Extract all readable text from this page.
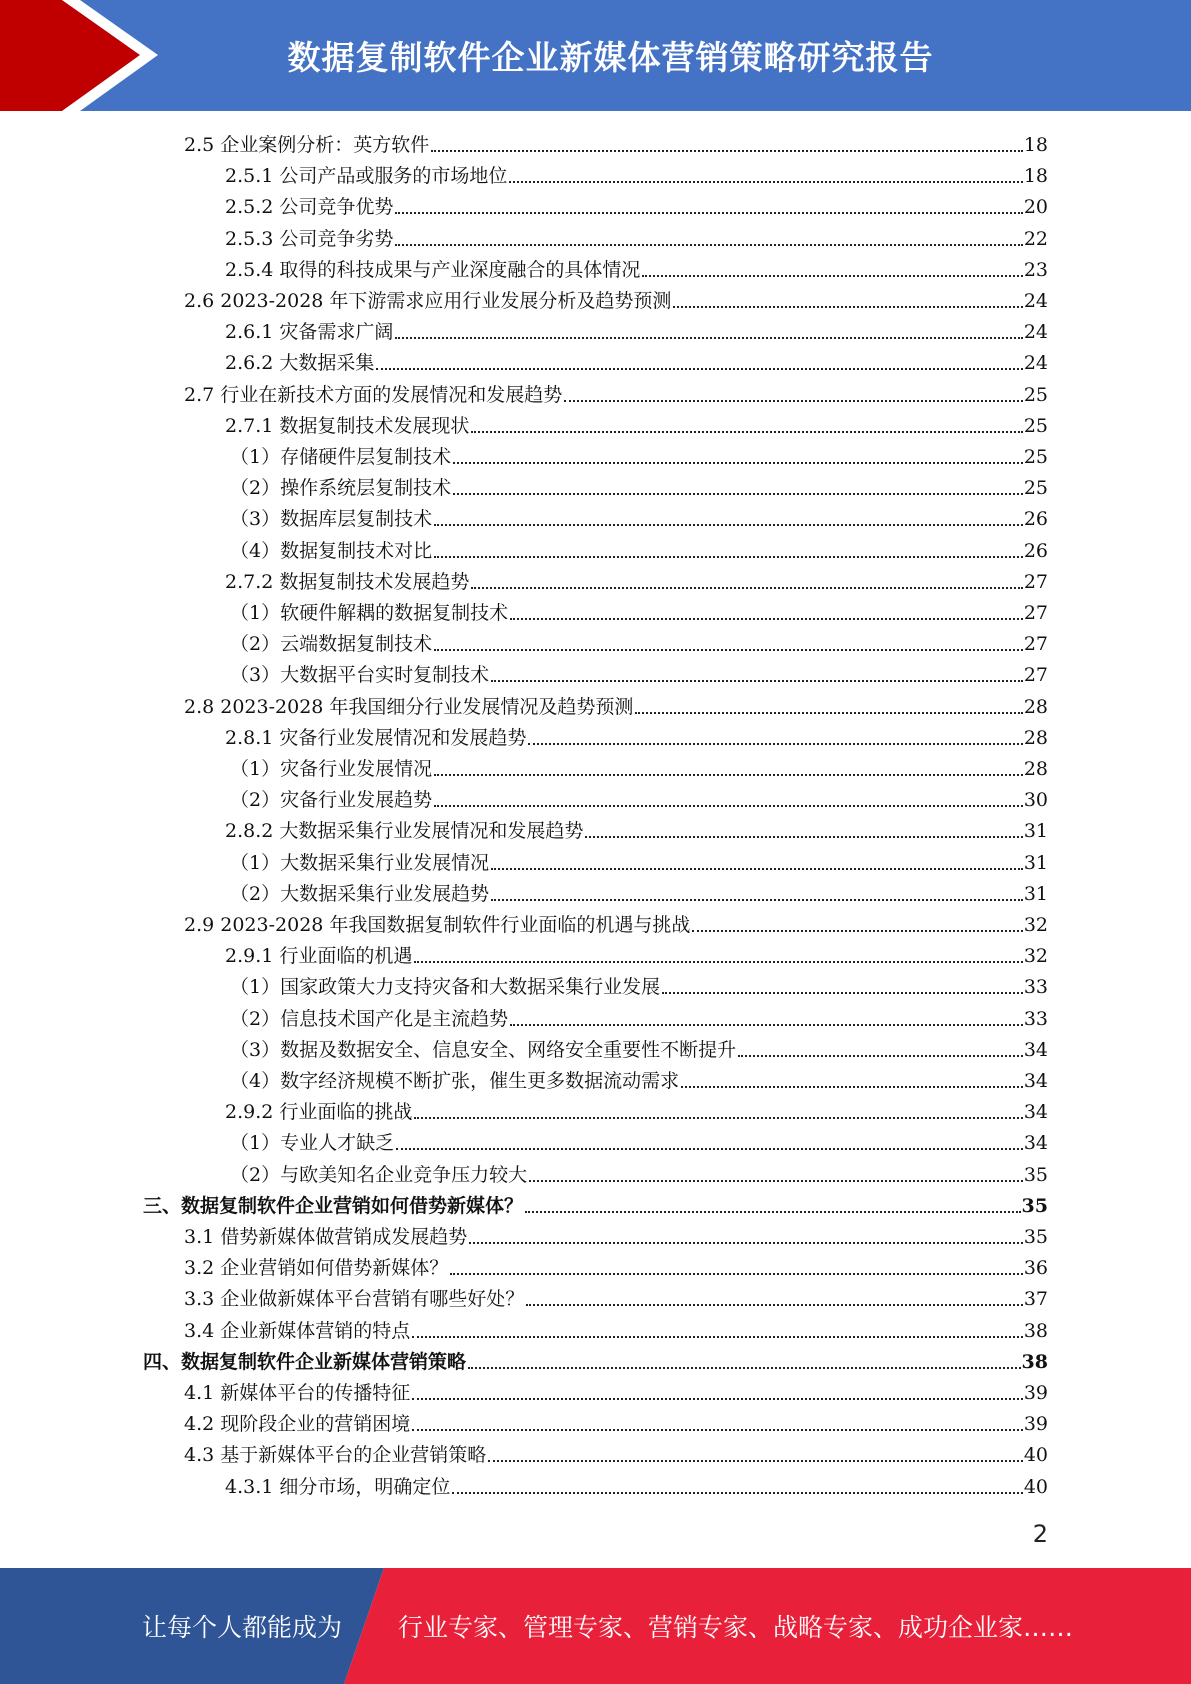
数据复制软件企业新媒体营销策略研究报告
2.5 企业案例分析：英方软件	18
2.5.1 公司产品或服务的市场地位	18
2.5.2 公司竞争优势	20
2.5.3 公司竞争劣势	22
2.5.4 取得的科技成果与产业深度融合的具体情况	23
2.6 2023-2028 年下游需求应用行业发展分析及趋势预测	24
2.6.1 灾备需求广阔	24
2.6.2 大数据采集	24
2.7 行业在新技术方面的发展情况和发展趋势	25
2.7.1 数据复制技术发展现状	25
（1）存储硬件层复制技术	25
（2）操作系统层复制技术	25
（3）数据库层复制技术	26
（4）数据复制技术对比	26
2.7.2 数据复制技术发展趋势	27
（1）软硬件解耦的数据复制技术	27
（2）云端数据复制技术	27
（3）大数据平台实时复制技术	27
2.8 2023-2028 年我国细分行业发展情况及趋势预测	28
2.8.1 灾备行业发展情况和发展趋势	28
（1）灾备行业发展情况	28
（2）灾备行业发展趋势	30
2.8.2 大数据采集行业发展情况和发展趋势	31
（1）大数据采集行业发展情况	31
（2）大数据采集行业发展趋势	31
2.9 2023-2028 年我国数据复制软件行业面临的机遇与挑战	32
2.9.1 行业面临的机遇	32
（1）国家政策大力支持灾备和大数据采集行业发展	33
（2）信息技术国产化是主流趋势	33
（3）数据及数据安全、信息安全、网络安全重要性不断提升	34
（4）数字经济规模不断扩张，催生更多数据流动需求	34
2.9.2 行业面临的挑战	34
（1）专业人才缺乏	34
（2）与欧美知名企业竞争压力较大	35
三、数据复制软件企业营销如何借势新媒体？	35
3.1 借势新媒体做营销成发展趋势	35
3.2 企业营销如何借势新媒体？	36
3.3 企业做新媒体平台营销有哪些好处？	37
3.4 企业新媒体营销的特点	38
四、数据复制软件企业新媒体营销策略	38
4.1 新媒体平台的传播特征	39
4.2 现阶段企业的营销困境	39
4.3 基于新媒体平台的企业营销策略	40
4.3.1 细分市场，明确定位	40
2
让每个人都能成为 行业专家、管理专家、营销专家、战略专家、成功企业家……
